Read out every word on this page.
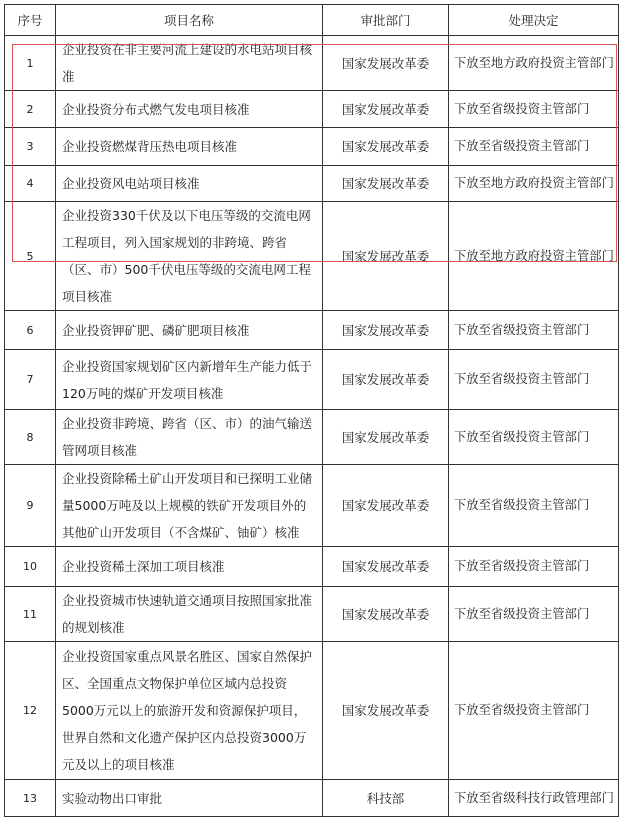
序号	项目名称	审批部门	处理决定
1	企业投资在非主要河流上建设的水电站项目核准	国家发展改革委	下放至地方政府投资主管部门
2	企业投资分布式燃气发电项目核准	国家发展改革委	下放至省级投资主管部门
3	企业投资燃煤背压热电项目核准	国家发展改革委	下放至省级投资主管部门
4	企业投资风电站项目核准	国家发展改革委	下放至地方政府投资主管部门
5	企业投资330千伏及以下电压等级的交流电网工程项目，列入国家规划的非跨境、跨省（区、市）500千伏电压等级的交流电网工程项目核准	国家发展改革委	下放至地方政府投资主管部门
6	企业投资钾矿肥、磷矿肥项目核准	国家发展改革委	下放至省级投资主管部门
7	企业投资国家规划矿区内新增年生产能力低于120万吨的煤矿开发项目核准	国家发展改革委	下放至省级投资主管部门
8	企业投资非跨境、跨省（区、市）的油气输送管网项目核准	国家发展改革委	下放至省级投资主管部门
9	企业投资除稀土矿山开发项目和已探明工业储量5000万吨及以上规模的铁矿开发项目外的其他矿山开发项目（不含煤矿、铀矿）核准	国家发展改革委	下放至省级投资主管部门
10	企业投资稀土深加工项目核准	国家发展改革委	下放至省级投资主管部门
11	企业投资城市快速轨道交通项目按照国家批准的规划核准	国家发展改革委	下放至省级投资主管部门
12	企业投资国家重点风景名胜区、国家自然保护区、全国重点文物保护单位区域内总投资5000万元以上的旅游开发和资源保护项目，世界自然和文化遗产保护区内总投资3000万元及以上的项目核准	国家发展改革委	下放至省级投资主管部门
13	实验动物出口审批	科技部	下放至省级科技行政管理部门
